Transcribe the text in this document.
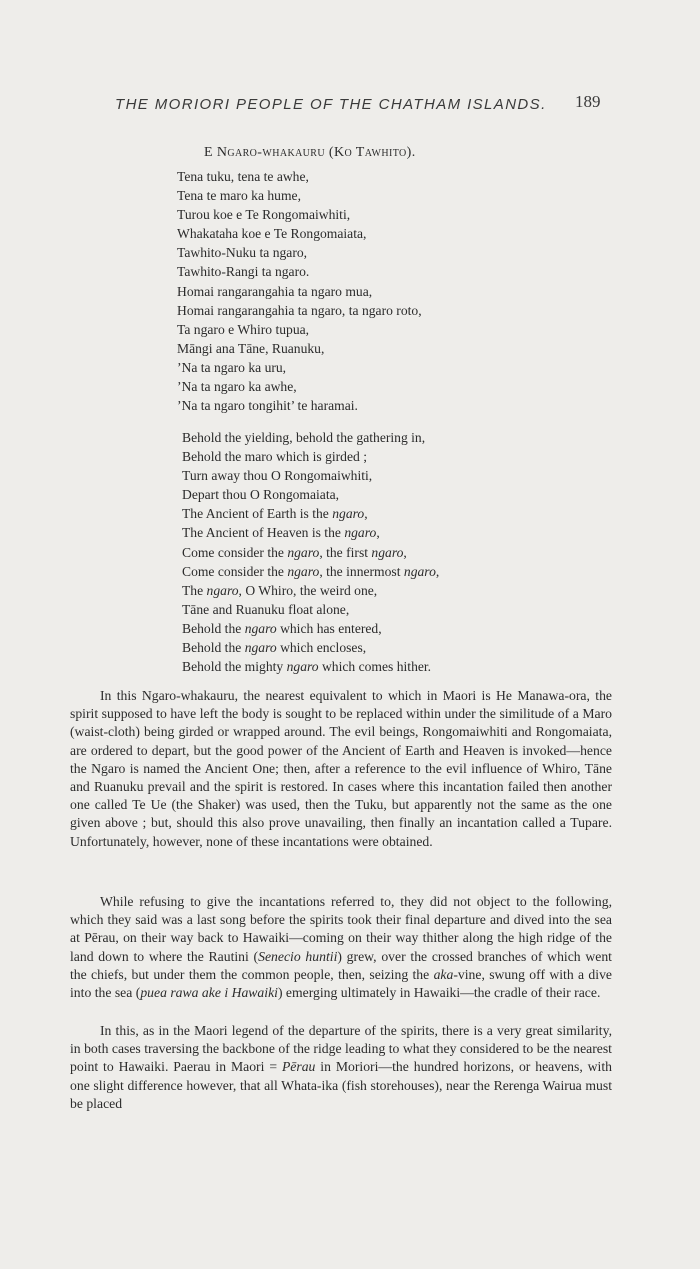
THE MORIORI PEOPLE OF THE CHATHAM ISLANDS. 189
E Ngaro-whakauru (Ko Tawhito).
Tena tuku, tena te awhe,
Tena te maro ka hume,
Turou koe e Te Rongomaiwhiti,
Whakataha koe e Te Rongomaiata,
Tawhito-Nuku ta ngaro,
Tawhito-Rangi ta ngaro.
Homai rangarangahia ta ngaro mua,
Homai rangarangahia ta ngaro, ta ngaro roto,
Ta ngaro e Whiro tupua,
Māngi ana Tāne, Ruanuku,
’Na ta ngaro ka uru,
’Na ta ngaro ka awhe,
’Na ta ngaro tongihit’ te haramai.
Behold the yielding, behold the gathering in,
Behold the maro which is girded ;
Turn away thou O Rongomaiwhiti,
Depart thou O Rongomaiata,
The Ancient of Earth is the ngaro,
The Ancient of Heaven is the ngaro,
Come consider the ngaro, the first ngaro,
Come consider the ngaro, the innermost ngaro,
The ngaro, O Whiro, the weird one,
Tāne and Ruanuku float alone,
Behold the ngaro which has entered,
Behold the ngaro which encloses,
Behold the mighty ngaro which comes hither.

In this Ngaro-whakauru, the nearest equivalent to which in Maori is He Manawa-ora, the spirit supposed to have left the body is sought to be replaced within under the similitude of a Maro (waist-cloth) being girded or wrapped around. The evil beings, Rongomaiwhiti and Rongomaiata, are ordered to depart, but the good power of the Ancient of Earth and Heaven is invoked—hence the Ngaro is named the Ancient One; then, after a reference to the evil influence of Whiro, Tāne and Ruanuku prevail and the spirit is restored. In cases where this incantation failed then another one called Te Ue (the Shaker) was used, then the Tuku, but apparently not the same as the one given above ; but, should this also prove unavailing, then finally an incantation called a Tupare. Unfortunately, however, none of these incantations were obtained.

While refusing to give the incantations referred to, they did not object to the following, which they said was a last song before the spirits took their final departure and dived into the sea at Pērau, on their way back to Hawaiki—coming on their way thither along the high ridge of the land down to where the Rautini (Senecio huntii) grew, over the crossed branches of which went the chiefs, but under them the common people, then, seizing the aka-vine, swung off with a dive into the sea (puea rawa ake i Hawaiki) emerging ultimately in Hawaiki—the cradle of their race.

In this, as in the Maori legend of the departure of the spirits, there is a very great similarity, in both cases traversing the backbone of the ridge leading to what they considered to be the nearest point to Hawaiki. Paerau in Maori = Pērau in Moriori—the hundred horizons, or heavens, with one slight difference however, that all Whata-ika (fish storehouses), near the Rerenga Wairua must be placed
